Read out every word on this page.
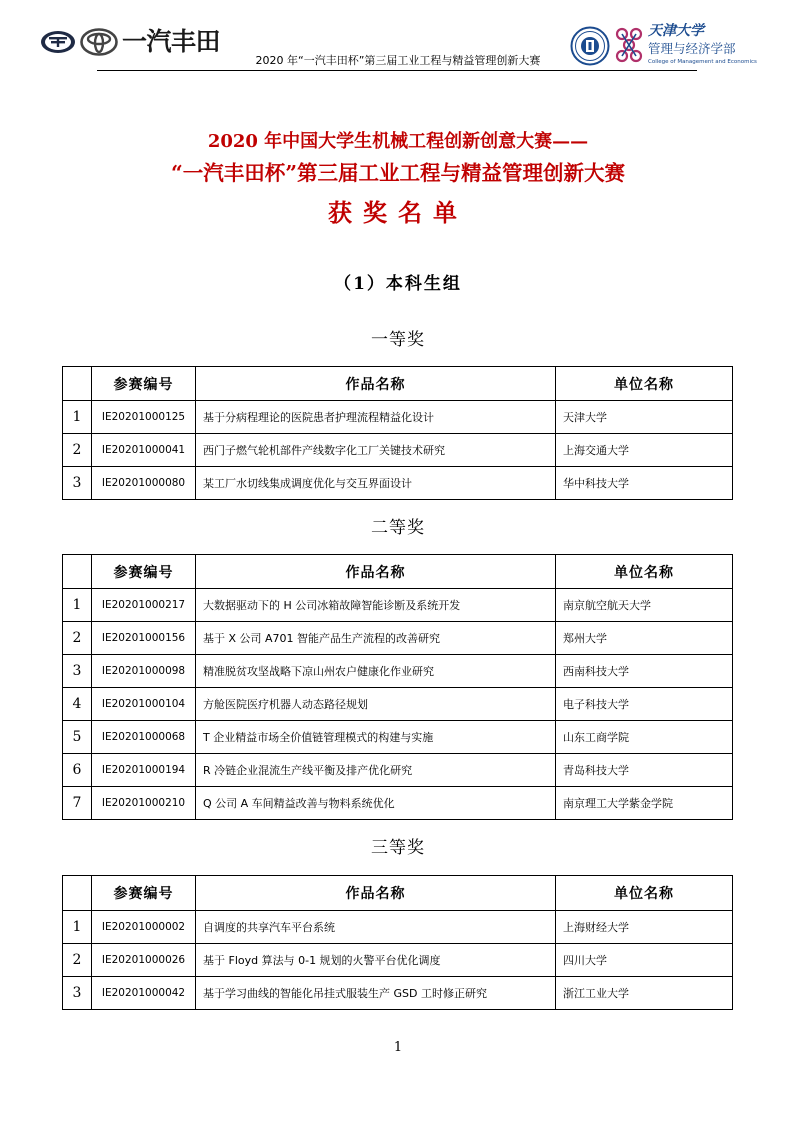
一汽丰田	天津大学
管理与经济学部
College of Management and Economics
2020 年“一汽丰田杯”第三届工业工程与精益管理创新大赛
2020 年中国大学生机械工程创新创意大赛——
“一汽丰田杯”第三届工业工程与精益管理创新大赛
获奖名单
（1）本科生组
一等奖
	参赛编号	作品名称	单位名称
1	IE20201000125	基于分病程理论的医院患者护理流程精益化设计	天津大学
2	IE20201000041	西门子燃气轮机部件产线数字化工厂关键技术研究	上海交通大学
3	IE20201000080	某工厂水切线集成调度优化与交互界面设计	华中科技大学
二等奖
	参赛编号	作品名称	单位名称
1	IE20201000217	大数据驱动下的 H 公司冰箱故障智能诊断及系统开发	南京航空航天大学
2	IE20201000156	基于 X 公司 A701 智能产品生产流程的改善研究	郑州大学
3	IE20201000098	精准脱贫攻坚战略下凉山州农户健康化作业研究	西南科技大学
4	IE20201000104	方舱医院医疗机器人动态路径规划	电子科技大学
5	IE20201000068	T 企业精益市场全价值链管理模式的构建与实施	山东工商学院
6	IE20201000194	R 冷链企业混流生产线平衡及排产优化研究	青岛科技大学
7	IE20201000210	Q 公司 A 车间精益改善与物料系统优化	南京理工大学紫金学院
三等奖
	参赛编号	作品名称	单位名称
1	IE20201000002	自调度的共享汽车平台系统	上海财经大学
2	IE20201000026	基于 Floyd 算法与 0-1 规划的火警平台优化调度	四川大学
3	IE20201000042	基于学习曲线的智能化吊挂式服装生产 GSD 工时修正研究	浙江工业大学
1
